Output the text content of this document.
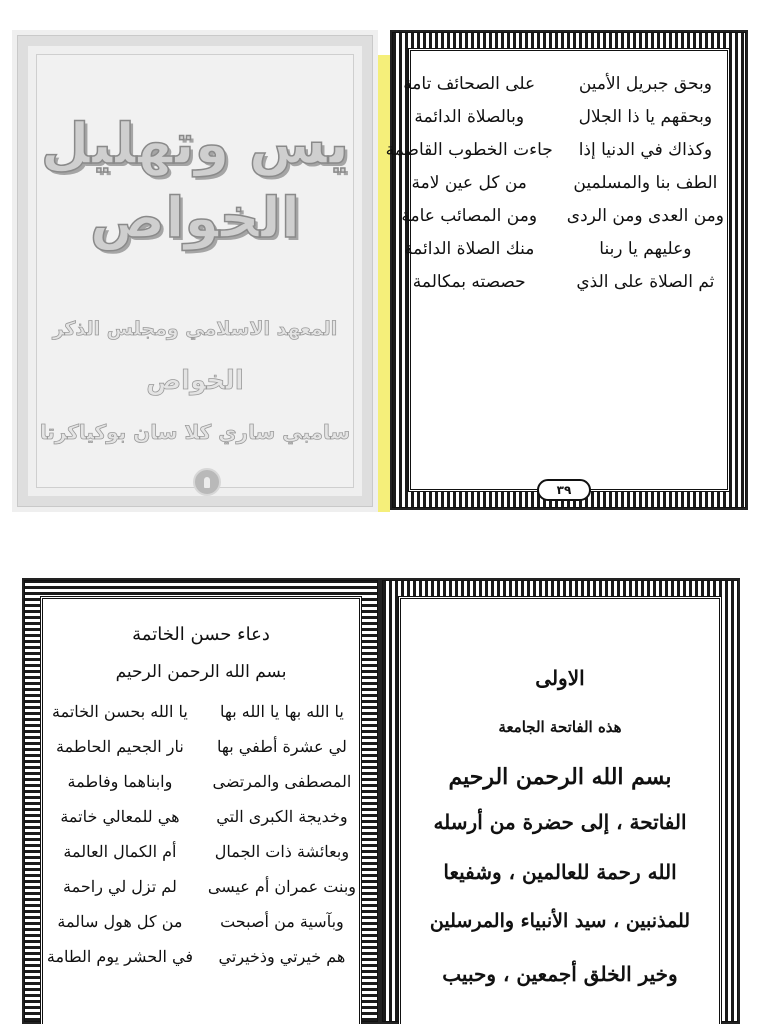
يس وتهليل
الخواص
المعهد الاسلامي ومجلس الذكر
الخواص
سامبي ساري كلا سان بوكياكرتا
وبحق جبريل الأمين
على الصحائف تامة
وبحقهم يا ذا الجلال
وبالصلاة الدائمة
وكذاك في الدنيا إذا
جاءت الخطوب القاصمة
الطف بنا والمسلمين
من كل عين لامة
ومن العدى ومن الردى
ومن المصائب عامة
وعليهم يا ربنا
منك الصلاة الدائمة
ثم الصلاة على الذي
حصصته بمكالمة
٣٩
دعاء حسن الخاتمة
بسم الله الرحمن الرحيم
يا الله بها يا الله بها
يا الله بحسن الخاتمة
لي عشرة أطفي بها
نار الجحيم الحاطمة
المصطفى والمرتضى
وابناهما وفاطمة
وخديجة الكبرى التي
هي للمعالي خاتمة
وبعائشة ذات الجمال
أم الكمال العالمة
وبنت عمران أم عيسى
لم تزل لي راحمة
وبآسية من أصبحت
من كل هول سالمة
هم خيرتي وذخيرتي
في الحشر يوم الطامة
الاولى
هذه الفاتحة الجامعة
بسم الله الرحمن الرحيم
الفاتحة ، إلى حضرة من أرسله
الله رحمة للعالمين ، وشفيعا
للمذنبين ، سيد الأنبياء والمرسلين
وخير الخلق أجمعين ، وحبيب
